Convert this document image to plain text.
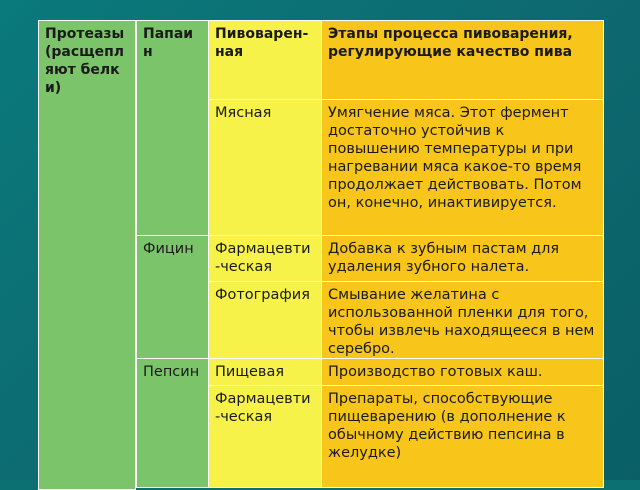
Протеазы (расщепляют белки)
Папаин
Фицин
Пепсин
Пивоварен-ная
Мясная
Фармацевти-ческая
Фотография
Пищевая
Фармацевти-ческая
Этапы процесса пивоварения, регулирующие качество пива
Умягчение мяса. Этот фермент достаточно устойчив к повышению температуры и при нагревании мяса какое-то время продолжает действовать. Потом он, конечно, инактивируется.
Добавка к зубным пастам для удаления зубного налета.
Смывание желатина с использованной пленки для того, чтобы извлечь находящееся в нем серебро.
Производство готовых каш.
Препараты, способствующие пищеварению (в дополнение к обычному действию пепсина в желудке)
